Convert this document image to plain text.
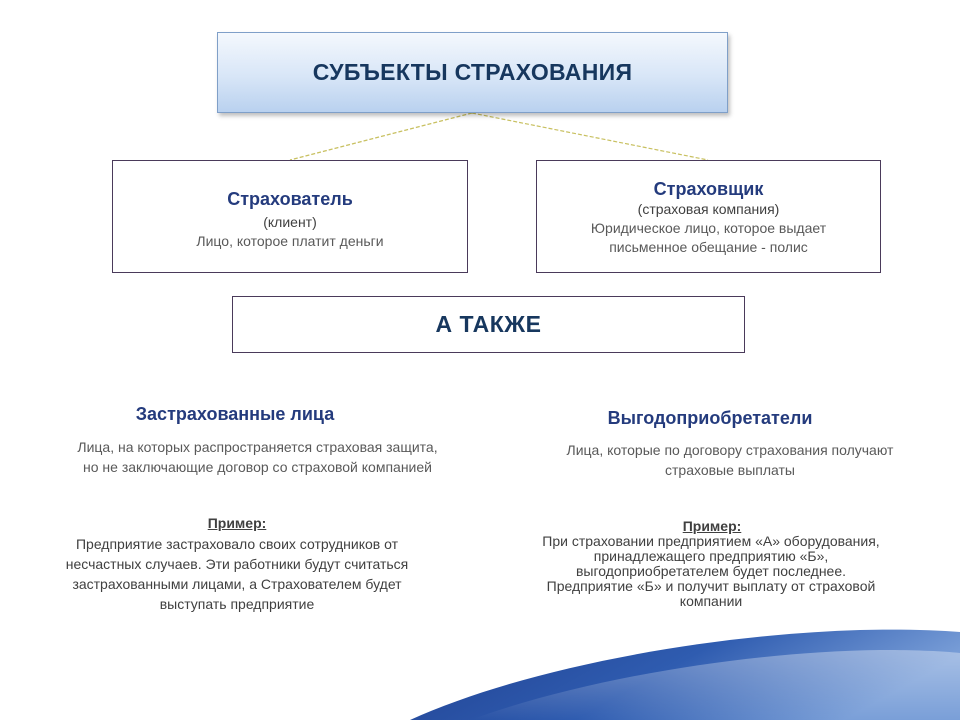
СУБЪЕКТЫ СТРАХОВАНИЯ
Страхователь
(клиент)
Лицо, которое платит деньги
Страховщик
(страховая компания)
Юридическое лицо, которое выдает
письменное обещание - полис
А ТАКЖЕ
Застрахованные лица
Лица, на которых распространяется страховая защита,
но не заключающие договор со страховой компанией
Пример:
Предприятие застраховало своих сотрудников от
несчастных случаев. Эти работники будут считаться
застрахованными лицами, а Страхователем будет
выступать предприятие
Выгодоприобретатели
Лица, которые по договору страхования получают
страховые выплаты
Пример:
При страховании предприятием «А» оборудования,
принадлежащего предприятию «Б»,
выгодоприобретателем будет последнее.
Предприятие «Б» и получит выплату от страховой
компании
